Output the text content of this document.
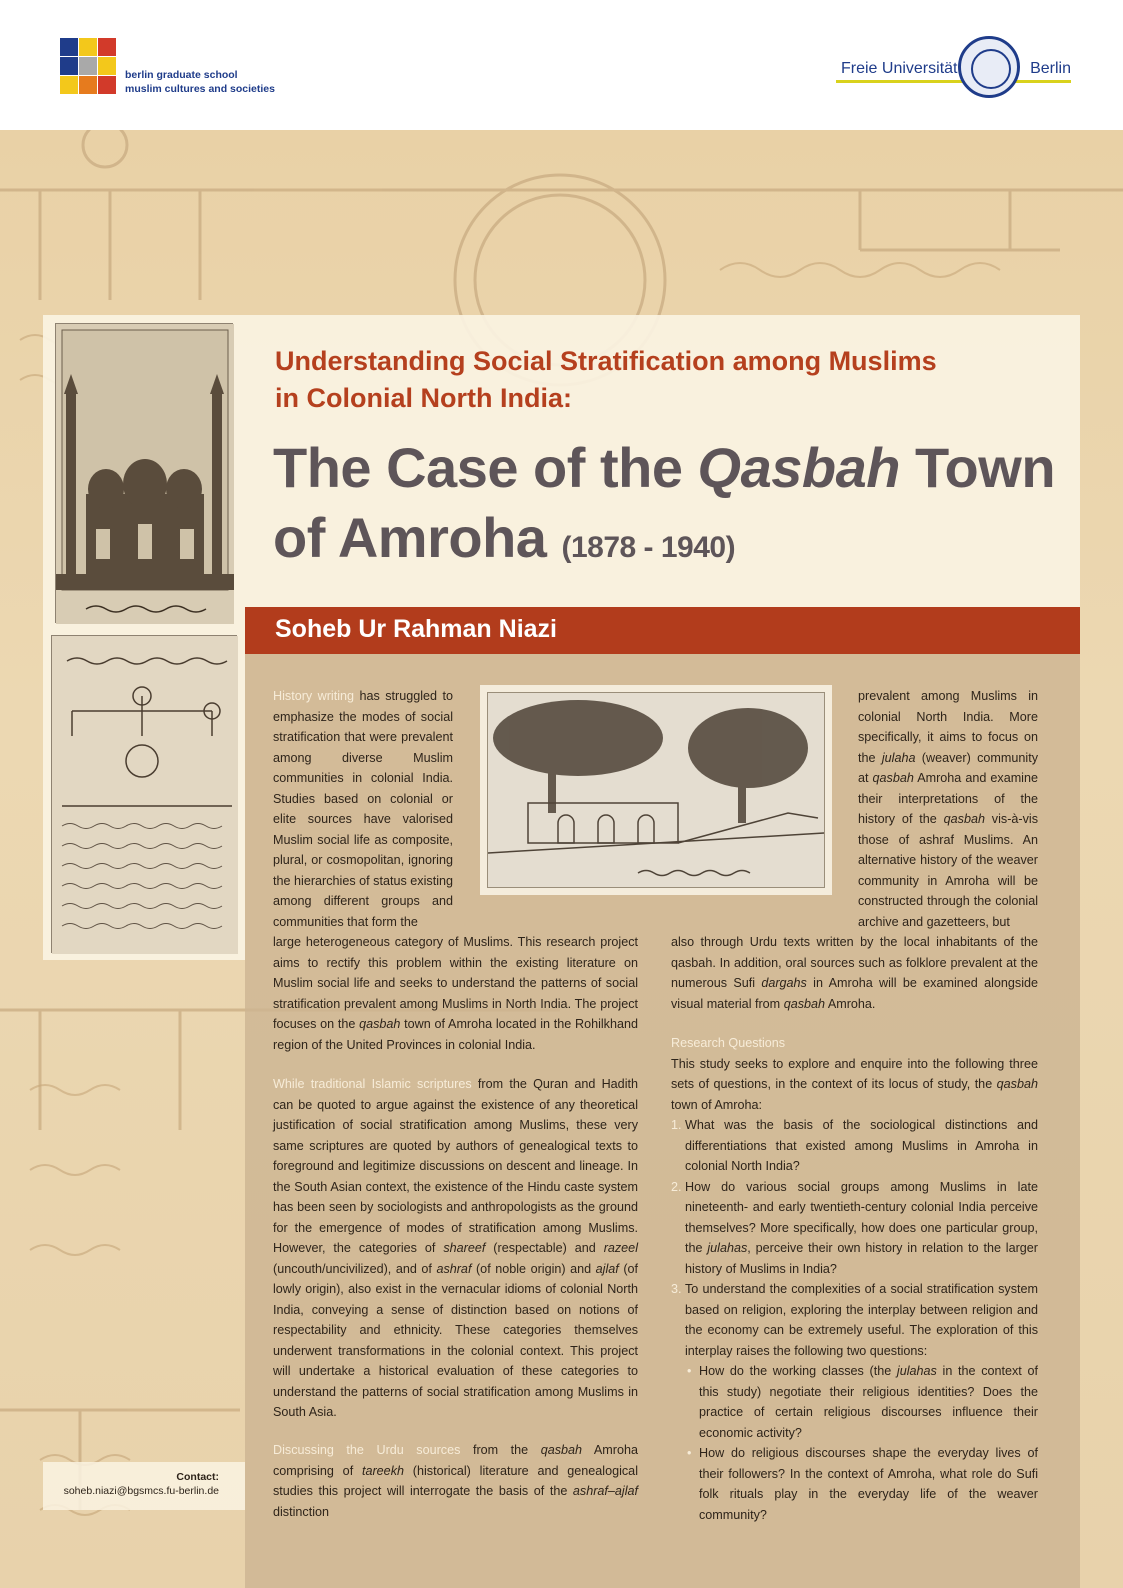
berlin graduate school
muslim cultures and societies
Freie Universität	Berlin
Understanding Social Stratification among Muslims
in Colonial North India:
The Case of the Qasbah Town
of Amroha (1878 - 1940)
Soheb Ur Rahman Niazi
History writing has struggled to emphasize the modes of social stratification that were prevalent among diverse Muslim communities in colonial India. Studies based on colonial or elite sources have valorised Muslim social life as composite, plural, or cosmopolitan, ignoring the hierarchies of status existing among different groups and communities that form the
large heterogeneous category of Muslims. This research project aims to rectify this problem within the existing literature on Muslim social life and seeks to understand the patterns of social stratification prevalent among Muslims in North India. The project focuses on the qasbah town of Amroha located in the Rohilkhand region of the United Provinces in colonial India.
While traditional Islamic scriptures from the Quran and Hadith can be quoted to argue against the existence of any theoretical justification of social stratification among Muslims, these very same scriptures are quoted by authors of genealogical texts to foreground and legitimize discussions on descent and lineage. In the South Asian context, the existence of the Hindu caste system has been seen by sociologists and anthropologists as the ground for the emergence of modes of stratification among Muslims. However, the categories of shareef (respectable) and razeel (uncouth/uncivilized), and of ashraf (of noble origin) and ajlaf (of lowly origin), also exist in the vernacular idioms of colonial North India, conveying a sense of distinction based on notions of respectability and ethnicity. These categories themselves underwent transformations in the colonial context. This project will undertake a historical evaluation of these categories to understand the patterns of social stratification among Muslims in South Asia.
Discussing the Urdu sources from the qasbah Amroha comprising of tareekh (historical) literature and genealogical studies this project will interrogate the basis of the ashraf–ajlaf distinction
prevalent among Muslims in colonial North India. More specifically, it aims to focus on the julaha (weaver) community at qasbah Amroha and examine their interpretations of the history of the qasbah vis-à-vis those of ashraf Muslims. An alternative history of the weaver community in Amroha will be constructed through the colonial archive and gazetteers, but
also through Urdu texts written by the local inhabitants of the qasbah. In addition, oral sources such as folklore prevalent at the numerous Sufi dargahs in Amroha will be examined alongside visual material from qasbah Amroha.
Research Questions
This study seeks to explore and enquire into the following three sets of questions, in the context of its locus of study, the qasbah town of Amroha:
1. What was the basis of the sociological distinctions and differentiations that existed among Muslims in Amroha in colonial North India?
2. How do various social groups among Muslims in late nineteenth- and early twentieth-century colonial India perceive themselves? More specifically, how does one particular group, the julahas, perceive their own history in relation to the larger history of Muslims in India?
3. To understand the complexities of a social stratification system based on religion, exploring the interplay between religion and the economy can be extremely useful. The exploration of this interplay raises the following two questions:
• How do the working classes (the julahas in the context of this study) negotiate their religious identities? Does the practice of certain religious discourses influence their economic activity?
• How do religious discourses shape the everyday lives of their followers? In the context of Amroha, what role do Sufi folk rituals play in the everyday life of the weaver community?
Contact:
soheb.niazi@bgsmcs.fu-berlin.de
